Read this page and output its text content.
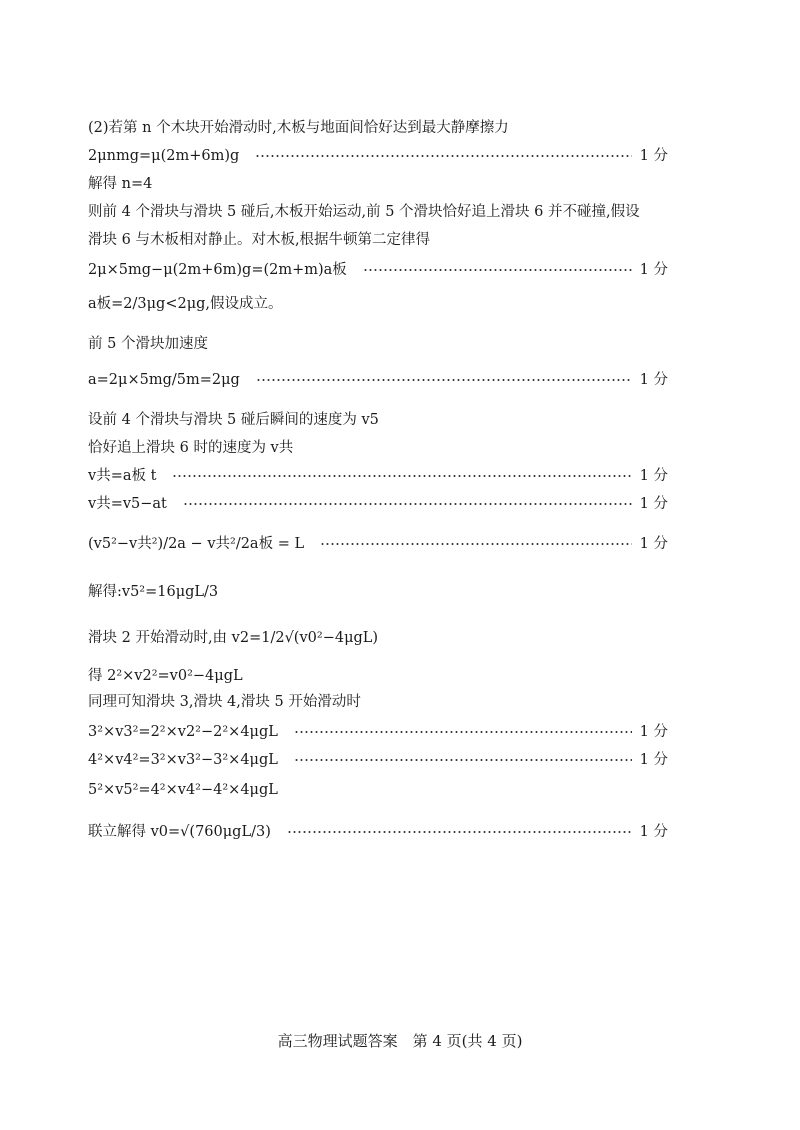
(2)若第 n 个木块开始滑动时,木板与地面间恰好达到最大静摩擦力
2μnmg=μ(2m+6m)g	1 分
解得 n=4
则前 4 个滑块与滑块 5 碰后,木板开始运动,前 5 个滑块恰好追上滑块 6 并不碰撞,假设
滑块 6 与木板相对静止。对木板,根据牛顿第二定律得
2μ×5mg−μ(2m+6m)g=(2m+m)a板	1 分
a板=2/3μg<2μg,假设成立。
前 5 个滑块加速度
a=2μ×5mg/5m=2μg	1 分
设前 4 个滑块与滑块 5 碰后瞬间的速度为 v5
恰好追上滑块 6 时的速度为 v共
v共=a板 t	1 分
v共=v5−at	1 分
(v5²−v共²)/2a − v共²/2a板 = L	1 分
解得:v5²=16μgL/3
滑块 2 开始滑动时,由 v2=1/2√(v0²−4μgL)
得 2²×v2²=v0²−4μgL
同理可知滑块 3,滑块 4,滑块 5 开始滑动时
3²×v3²=2²×v2²−2²×4μgL	1 分
4²×v4²=3²×v3²−3²×4μgL	1 分
5²×v5²=4²×v4²−4²×4μgL
联立解得 v0=√(760μgL/3)	1 分
高三物理试题答案　第 4 页(共 4 页)
